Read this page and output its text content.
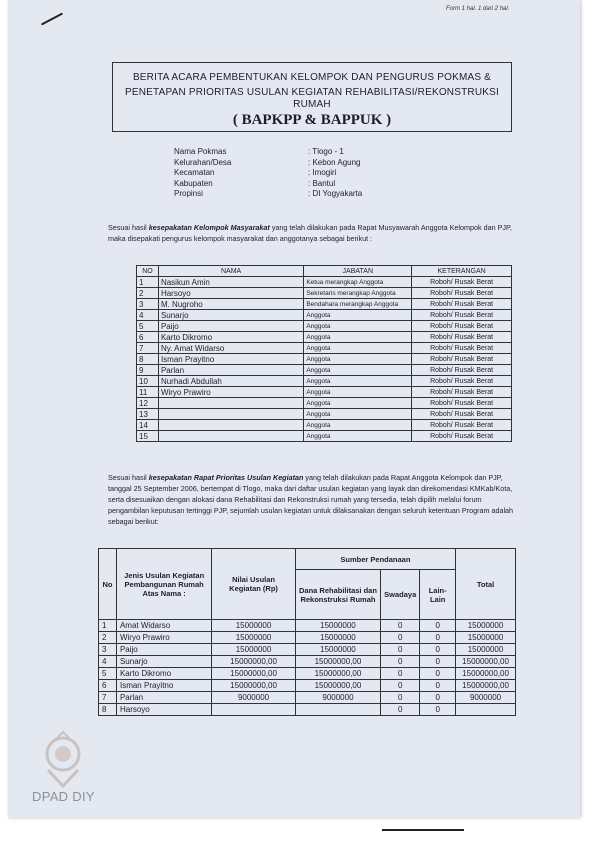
Form 1 hal. 1 dari 2 hal.
BERITA ACARA PEMBENTUKAN KELOMPOK DAN PENGURUS POKMAS &
PENETAPAN PRIORITAS USULAN KEGIATAN REHABILITASI/REKONSTRUKSI
RUMAH
( BAPKPP & BAPPUK )
Nama Pokmas	: Tlogo - 1
Kelurahan/Desa	: Kebon Agung
Kecamatan	: Imogiri
Kabupaten	: Bantul
Propinsi	: DI Yogyakarta
Sesuai hasil kesepakatan Kelompok Masyarakat yang telah dilakukan pada Rapat Musyawarah Anggota Kelompok dan PJP, maka disepakati pengurus kelompok masyarakat dan anggotanya sebagai berikut :
NO	NAMA	JABATAN	KETERANGAN
1	Nasikun Amin	Ketua merangkap Anggota	Roboh/ Rusak Berat
2	Harsoyo	Sekretaris merangkap Anggota	Roboh/ Rusak Berat
3	M. Nugroho	Bendahara merangkap Anggota	Roboh/ Rusak Berat
4	Sunarjo	Anggota	Roboh/ Rusak Berat
5	Paijo	Anggota	Roboh/ Rusak Berat
6	Karto Dikromo	Anggota	Roboh/ Rusak Berat
7	Ny. Amat Widarso	Anggota	Roboh/ Rusak Berat
8	Isman Prayitno	Anggota	Roboh/ Rusak Berat
9	Parlan	Anggota	Roboh/ Rusak Berat
10	Nurhadi Abdullah	Anggota	Roboh/ Rusak Berat
11	Wiryo Prawiro	Anggota	Roboh/ Rusak Berat
12		Anggota	Roboh/ Rusak Berat
13		Anggota	Roboh/ Rusak Berat
14		Anggota	Roboh/ Rusak Berat
15		Anggota	Roboh/ Rusak Berat
Sesuai hasil kesepakatan Rapat Prioritas Usulan Kegiatan yang telah dilakukan pada Rapat Anggota Kelompok dan PJP, tanggal 25 September 2006, bertempat di Tlogo, maka dari daftar usulan kegiatan yang layak dan direkomendasi KMKab/Kota, serta disesuaikan dengan alokasi dana Rehabilitasi dan Rekonstruksi rumah yang tersedia, telah dipilih melalui forum pengambilan keputusan tertinggi PJP, sejumlah usulan kegiatan untuk dilaksanakan dengan seluruh ketentuan Program adalah sebagai berikut:
No	Jenis Usulan Kegiatan Pembangunan Rumah Atas Nama :	Nilai Usulan Kegiatan (Rp)	Sumber Pendanaan			Total
			Dana Rehabilitasi dan Rekonstruksi Rumah	Swadaya	Lain-Lain	
1	Amat Widarso	15000000	15000000	0	0	15000000
2	Wiryo Prawiro	15000000	15000000	0	0	15000000
3	Paijo	15000000	15000000	0	0	15000000
4	Sunarjo	15000000,00	15000000,00	0	0	15000000,00
5	Karto Dikromo	15000000,00	15000000,00	0	0	15000000,00
6	Isman Prayitno	15000000,00	15000000,00	0	0	15000000,00
7	Parlan	9000000	9000000	0	0	9000000
8	Harsoyo			0	0	
DPAD DIY
